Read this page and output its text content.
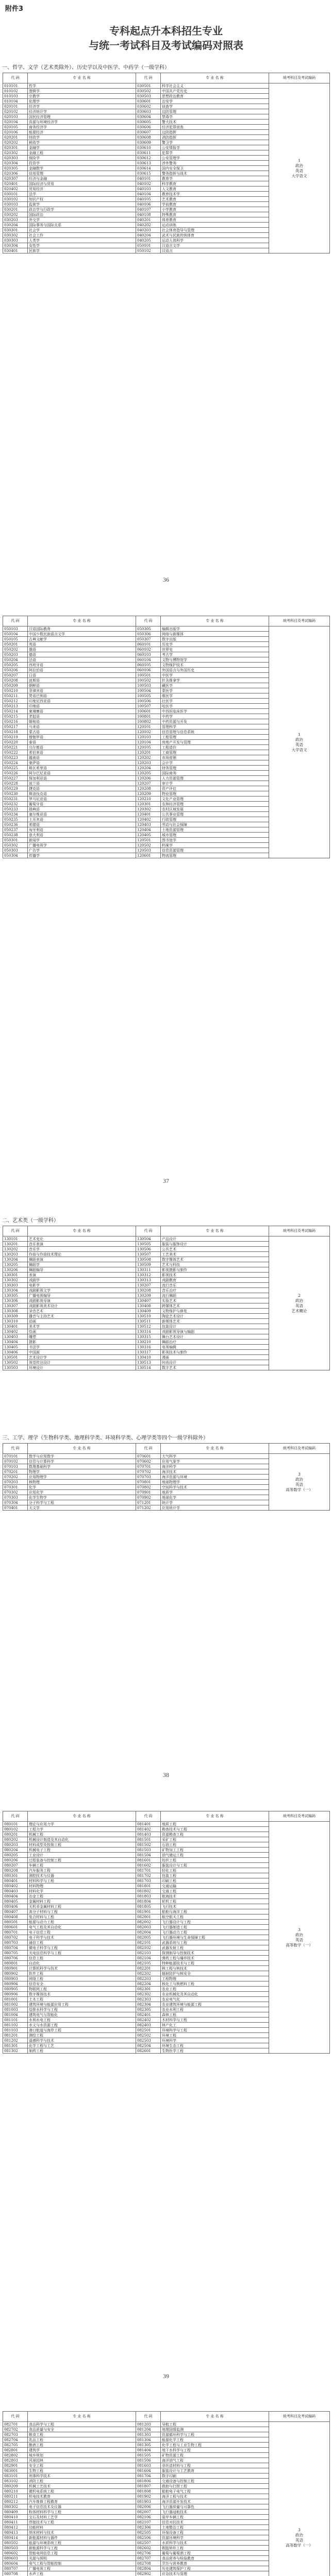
附件3
专科起点升本科招生专业
与统一考试科目及考试编码对照表
一、哲学、文学（艺术类除外）、历史学以及中医学、中药学（一级学科）
代 码	专 业 名 称	代 码	专 业 名 称	统考科目及考试编码
010101	哲学	030501	科学社会主义	1
政治
英语
大学语文

010102	逻辑学	030502	中国共产党历史	
010103	宗教学	030503	思想政治教育	
010104	伦理学	030601	治安学	
020101	经济学	030602	侦查学	
020102	经济统计学	030603	边防管理	
020103	国民经济管理	030604	禁毒学	
020104	资源与环境经济学	030605	警犬技术	
020105	商务经济学	030606	经济犯罪侦查	
020106	能源经济	030607	边防指挥	
020201	财政学	030608	消防指挥	
020202	税收学	030609	警卫学	
020301	金融学	030610	公安情报学	
020302	金融工程	030611	犯罪学	
020303	保险学	030612	公安管理学	
020304	投资学	030613	涉外警务	
020305	金融数学	030614	国内安全保卫	
020306	信用管理	030615	警务指挥与战术	
020307	经济与金融	040101	教育学	
020401	国际经济与贸易	040102	科学教育	
020402	贸易经济	040103	人文教育	
030101	法学	040104	教育技术学	
030102	知识产权	040105	艺术教育	
030103	监狱学	040106	学前教育	
030201	政治学与行政学	040107	小学教育	
030202	国际政治	040108	特殊教育	
030203	外交学	040201	体育教育	
030204	国际事务与国际关系	040202	运动训练	
030301	社会学	040203	社会体育指导与管理	
030302	社会工作	040204	武术与民族传统体育	
030303	人类学	040205	运动人体科学	
030304	女性学	050101	汉语言文学	
030401	民族学	050102	汉语言	
36
代 码	专 业 名 称	代 码	专 业 名 称	统考科目及考试编码
050103	汉语国际教育	050305	编辑出版学	1
政治
英语
大学语文

050104	中国少数民族语言文学	050306	网络与新媒体	
050105	古典文献学	050307	数字出版	
050201	英语	060101	历史学	
050202	俄语	060102	世界史	
050203	德语	060103	考古学	
050204	法语	060104	文物与博物馆学	
050205	西班牙语	060105	文物保护技术	
050206	阿拉伯语	060106	外国语言与外国历史	
050207	日语	100501	中医学	
050208	波斯语	100502	针灸推拿学	
050209	朝鲜语	100503	藏医学	
050210	菲律宾语	100504	蒙医学	
050211	梵语巴利语	100505	维医学	
050212	印度尼西亚语	100506	壮医学	
050213	印地语	100507	哈医学	
050214	柬埔寨语	100601	中西医临床医学	
050215	老挝语	100801	中药学	
050216	缅甸语	100802	中药资源与开发	
050217	马来语	120101	管理科学	
050218	蒙古语	120102	信息管理与信息系统	
050219	僧伽罗语	120103	工程管理	
050220	泰语	120104	房地产开发与管理	
050221	乌尔都语	120105	工程造价	
050222	希伯来语	120201	工商管理	
050223	越南语	120202	市场营销	
050224	豪萨语	120203	会计学	
050225	斯瓦希里语	120204	财务管理	
050226	阿尔巴尼亚语	120205	国际商务	
050227	保加利亚语	120206	人力资源管理	
050228	波兰语	120207	审计学	
050229	捷克语	120208	资产评估	
050230	斯洛伐克语	120209	物业管理	
050231	罗马尼亚语	120210	文化产业管理	
050232	葡萄牙语	120301	农林经济管理	
050233	瑞典语	120302	农村区域发展	
050234	塞尔维亚语	120401	公共事业管理	
050235	土耳其语	120402	行政管理	
050236	希腊语	120403	劳动与社会保障	
050237	匈牙利语	120404	土地资源管理	
050238	意大利语	120405	城市管理	
050301	新闻学	120501	图书馆学	
050302	广播电视学	120502	档案学	
050303	广告学	120503	信息资源管理	
050304	传播学	120601	物流管理	
37
二、艺术类（一级学科）
代 码	专 业 名 称	代 码	专 业 名 称	统考科目及考试编码
130101	艺术史论	130504	产品设计	2
政治
英语
艺术概论

130201	音乐表演	130505	服装与服饰设计	
130202	音乐学	130506	公共艺术	
130203	作曲与作曲技术理论	130507	工艺美术	
130204	舞蹈表演	130508	数字媒体艺术	
130205	舞蹈学	130509	艺术与科技	
130206	舞蹈编导	130311	影视摄影与制作	
130301	表演	130312	影视技术	
130302	戏剧学	130313	戏剧教育	
130303	电影学	130207	流行音乐	
130304	戏剧影视文学	130208	音乐治疗	
130305	广播电视编导	130209	流行舞蹈	
130306	戏剧影视导演	130407	实验艺术	
130307	戏剧影视美术设计	130408	跨媒体艺术	
130308	录音艺术	130409	文物保护与修复	
130309	播音与主持艺术	130510	陶瓷艺术设计	
130310	动画	130511	新媒体艺术	
130401	美术学	130512	包装设计	
130402	绘画	130314	戏剧影视导演与编剧	
130403	雕塑	130315	舞台艺术设计	
130404	摄影	130210	舞蹈治疗	
130405	书法学	130316	电视编辑	
130406	中国画	130317	影视技术与制作	
130501	艺术设计学	130410	漫画	
130502	视觉传达设计	130513	时尚设计	
130503	环境设计	130514	数字艺术	
三、工学、理学（生物科学类、地理科学类、环境科学类、心理学类等四个一级学科除外）
代 码	专 业 名 称	代 码	专 业 名 称	统考科目及考试编码
070101	数学与应用数学	070601	大气科学	3
政治
英语
高等数学（一）

070102	信息与计算科学	070602	应用气象学	
070103	数理基础科学	070701	海洋科学	
070201	物理学	070702	海洋技术	
070202	应用物理学	070703	海洋资源与环境	
070203	核物理	070801	地球物理学	
070301	化学	070802	空间科学与技术	
070302	应用化学	070901	地质学	
070303	化学生物学	070902	地球化学	
070304	分子科学与工程	071201	统计学	
070401	天文学	071202	应用统计学	
38
代 码	专 业 名 称	代 码	专 业 名 称	统考科目及考试编码
080101	理论与应用力学	081401	地质工程	3
政治
英语
高等数学（一）

080102	工程力学	081402	勘查技术与工程	
080201	机械工程	081403	资源勘查工程	
080202	机械设计制造及其自动化	081501	采矿工程	
080203	材料成型及控制工程	081502	石油工程	
080204	机械电子工程	081503	矿物加工工程	
080205	工业设计	081504	油气储运工程	
080206	过程装备与控制工程	081601	纺织工程	
080207	车辆工程	081602	服装设计与工程	
080208	汽车服务工程	081701	轻化工程	
080301	测控技术与仪器	081702	包装工程	
080401	材料科学与工程	081703	印刷工程	
080402	材料物理	081801	交通运输	
080403	材料化学	081802	交通工程	
080404	冶金工程	081803	航海技术	
080405	金属材料工程	081804	轮机工程	
080406	无机非金属材料工程	081805	飞行技术	
080407	高分子材料与工程	081901	船舶与海洋工程	
080408	复合材料与工程	082001	航空航天工程	
080501	能源与动力工程	082002	飞行器设计与工程	
080601	电气工程及其自动化	082003	飞行器制造工程	
080701	电子信息工程	082004	飞行器动力工程	
080702	电子科学与技术	082005	飞行器环境与生命保障工程	
080703	通信工程	082101	武器系统与工程	
080704	微电子科学与工程	082102	武器发射工程	
080705	光电信息科学与工程	082103	探测制导与控制技术	
080706	信息工程	082104	弹药工程与爆炸技术	
080801	自动化	082105	特种能源技术与工程	
080901	计算机科学与技术	082201	核工程与核技术	
080902	软件工程	082202	辐射防护与核安全	
080903	网络工程	082203	工程物理	
080904	信息安全	082204	核化工与核燃料工程	
080905	物联网工程	082301	农业工程	
080906	数字媒体技术	082302	农业机械化及其自动化	
081001	土木工程	082303	农业电气化	
081002	建筑环境与能源应用工程	082304	农业建筑环境与能源工程	
081003	给排水科学与工程	082305	农业水利工程	
081004	建筑电气与智能化	082401	森林工程	
081101	水利水电工程	082402	木材科学与工程	
081102	水文与水资源工程	082403	林产化工	
081103	港口航道与海岸工程	082501	环境科学与工程	
081201	测绘工程	082502	环境工程	
081202	遥感科学与技术	082503	环境科学	
081301	化学工程与工艺	082504	环境生态工程	
081302	制药工程	082601	生物医学工程	
39
代 码	专 业 名 称	代 码	专 业 名 称	统考科目及考试编码
082701	食品科学与工程	081203	导航工程	3
政治
英语
高等数学（一）

082702	食品质量与安全	081204	地理国情监测	
082703	粮食工程	081303	资源循环科学与工程	
082704	乳品工程	081304	能源化学工程	
082705	酿酒工程	081305	化学工程与工业生物工程	
082801	建筑学	081404	地下水科学与工程	
082802	城乡规划	081505	矿物资源工程	
082803	风景园林	081506	海洋油气工程	
082901	安全工程	081603	非织造材料与工程	
083001	生物工程	081604	服装设计与工艺教育	
083101	刑事科学技术	081704	数字印刷	
083102	消防工程	081806	交通设备与控制工程	
080209	机械工艺技术	081807	救助与打捞工程	
080210	微机电系统工程	081808	船舶电子电气工程	
080211	机电技术教育	081902	海洋工程与技术	
080212	汽车维修工程教育	081903	海洋资源开发技术	
080302	电子信息技术及仪器	082006	飞行器质量与可靠性	
080409	粉体材料科学与工程	082007	飞行器适航技术	
080410	宝石及材料工艺学	082106	装甲车辆工程	
080411	焊接技术与工程	082107	信息对抗技术	
080412	功能材料	082306	土地整治工程	
080413	纳米材料与技术	082505	环保设备工程	
080414	新能源材料与器件	082506	资源环境科学	
080502	能源与环境系统工程	082507	水质科学与技术	
080503	新能源科学与工程	082602	假肢矫形工程	
080602	智能电网信息工程	082706	葡萄与葡萄酒工程	
080603	光源与照明	082707	食品营养与检验教育	
080604	电气工程与智能控制	082708	烹饪与营养教育	
080707	广播电视工程	082804	历史建筑保护工程	
080708	水声工程	082902	应急技术与管理	
